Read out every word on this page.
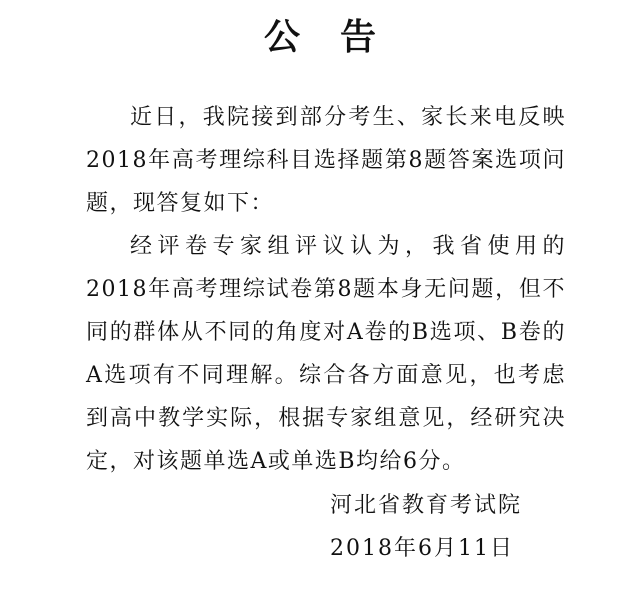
公告

近日，我院接到部分考生、家长来电反映2018年高考理综科目选择题第8题答案选项问题，现答复如下：

经评卷专家组评议认为，我省使用的2018年高考理综试卷第8题本身无问题，但不同的群体从不同的角度对A卷的B选项、B卷的A选项有不同理解。综合各方面意见，也考虑到高中教学实际，根据专家组意见，经研究决定，对该题单选A或单选B均给6分。

河北省教育考试院
2018年6月11日
